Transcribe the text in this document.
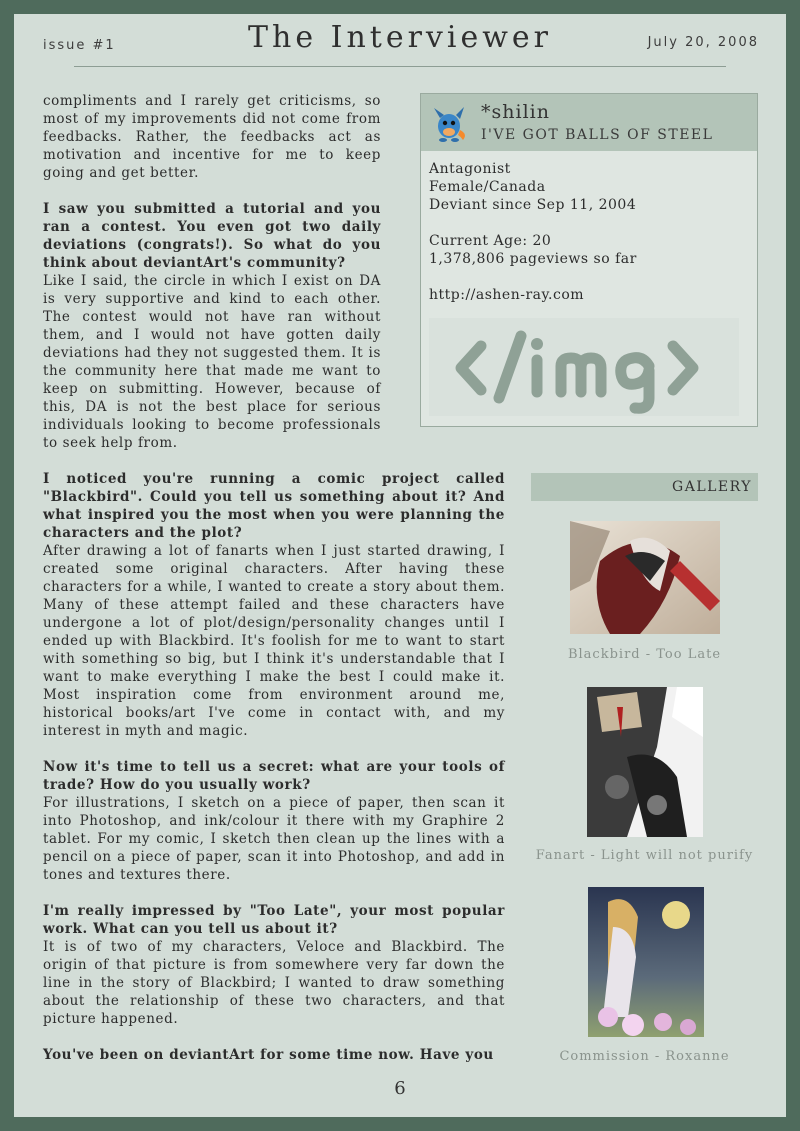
issue #1	The Interviewer	July 20, 2008

compliments and I rarely get criticisms, so most of my improvements did not come from feedbacks. Rather, the feedbacks act as motivation and incentive for me to keep going and get better.

I saw you submitted a tutorial and you ran a contest. You even got two daily deviations (congrats!). So what do you think about deviantArt's community?

Like I said, the circle in which I exist on DA is very supportive and kind to each other. The contest would not have ran without them, and I would not have gotten daily deviations had they not suggested them. It is the community here that made me want to keep on submitting. However, because of this, DA is not the best place for serious individuals looking to become professionals to seek help from.

*shilin
I'VE GOT BALLS OF STEEL
Antagonist
Female/Canada
Deviant since Sep 11, 2004
Current Age: 20
1,378,806 pageviews so far
http://ashen-ray.com

I noticed you're running a comic project called "Blackbird". Could you tell us something about it? And what inspired you the most when you were planning the characters and the plot?

After drawing a lot of fanarts when I just started drawing, I created some original characters. After having these characters for a while, I wanted to create a story about them. Many of these attempt failed and these characters have undergone a lot of plot/design/personality changes until I ended up with Blackbird. It's foolish for me to want to start with something so big, but I think it's understandable that I want to make everything I make the best I could make it. Most inspiration come from environment around me, historical books/art I've come in contact with, and my interest in myth and magic.

Now it's time to tell us a secret: what are your tools of trade? How do you usually work?

For illustrations, I sketch on a piece of paper, then scan it into Photoshop, and ink/colour it there with my Graphire 2 tablet. For my comic, I sketch then clean up the lines with a pencil on a piece of paper, scan it into Photoshop, and add in tones and textures there.

I'm really impressed by "Too Late", your most popular work. What can you tell us about it?

It is of two of my characters, Veloce and Blackbird. The origin of that picture is from somewhere very far down the line in the story of Blackbird; I wanted to draw something about the relationship of these two characters, and that picture happened.

You've been on deviantArt for some time now. Have you

GALLERY
Blackbird - Too Late
Fanart - Light will not purify
Commission - Roxanne
6
